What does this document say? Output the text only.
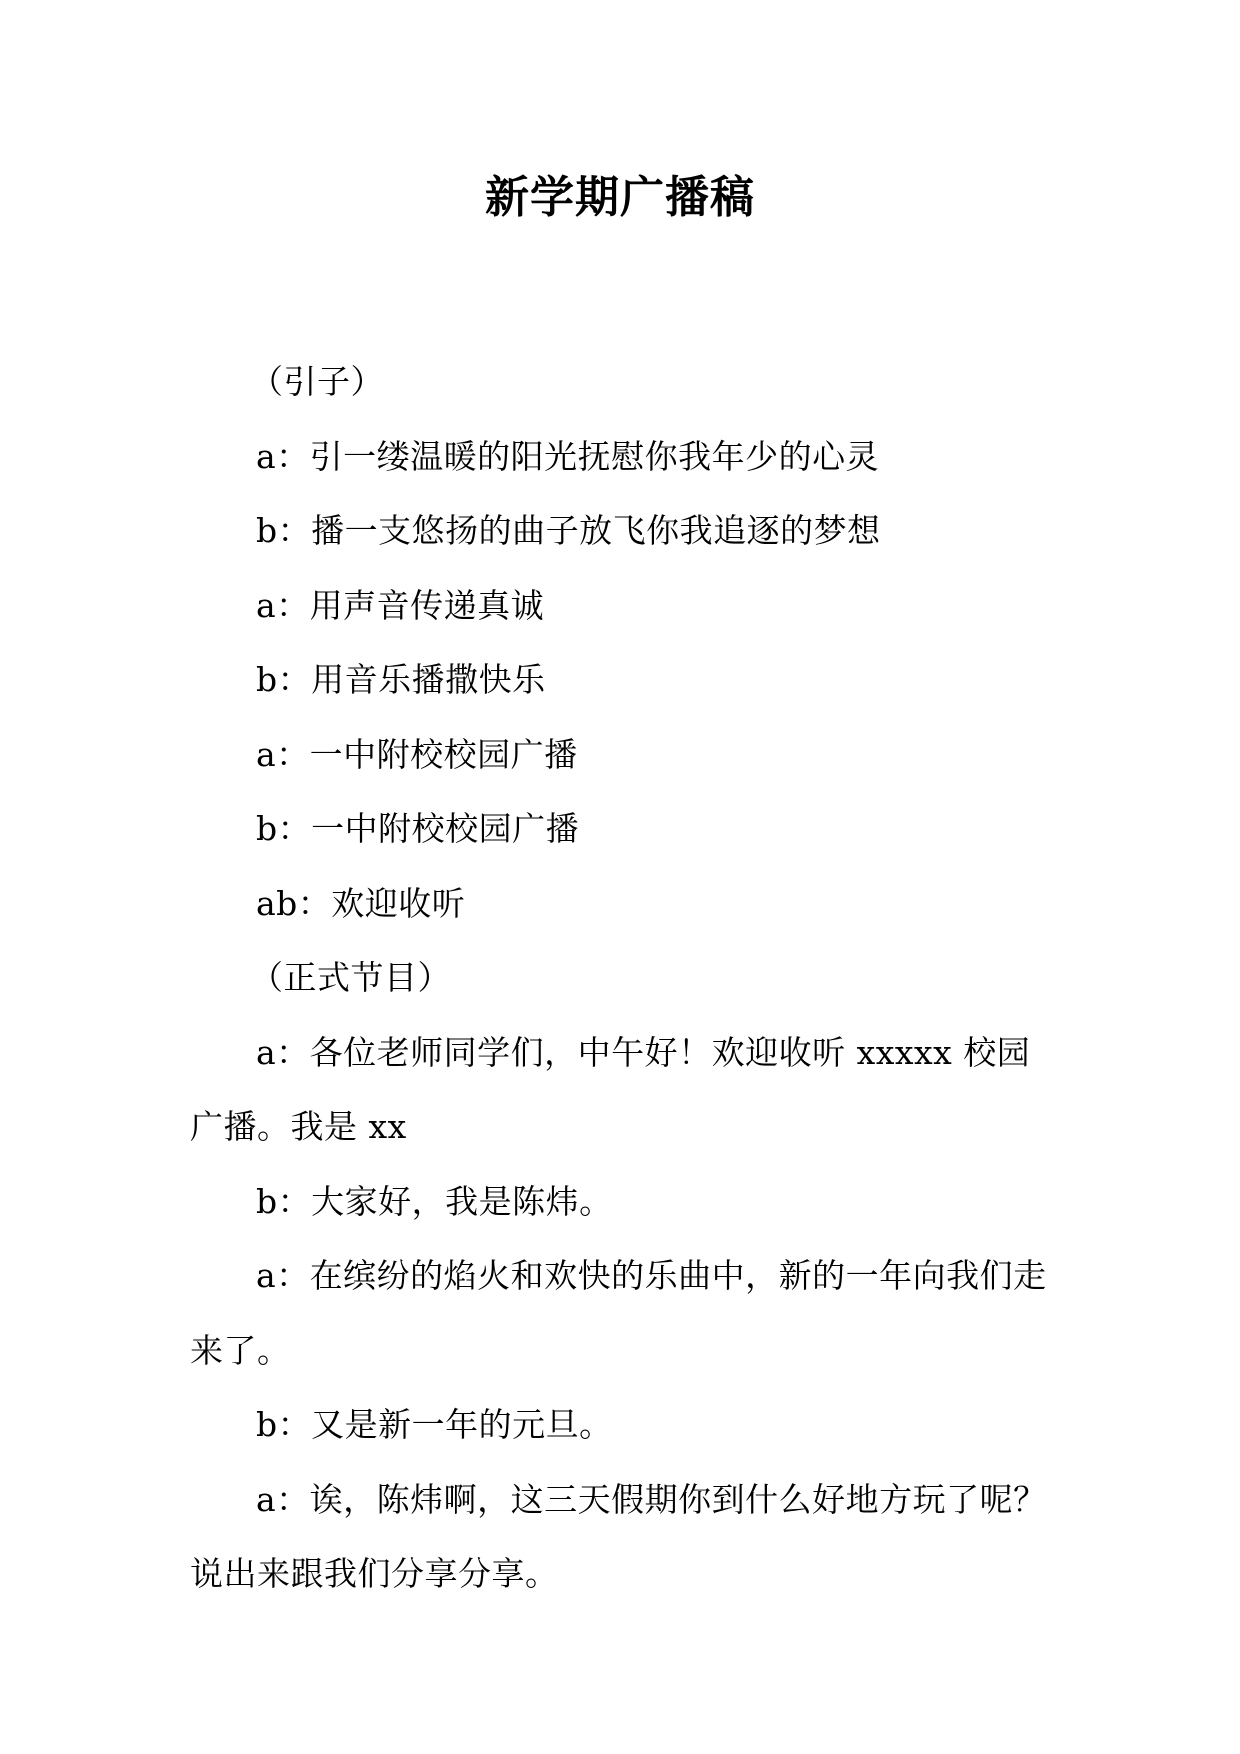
新学期广播稿

（引子）

a：引一缕温暖的阳光抚慰你我年少的心灵

b：播一支悠扬的曲子放飞你我追逐的梦想

a：用声音传递真诚

b：用音乐播撒快乐

a：一中附校校园广播

b：一中附校校园广播

ab：欢迎收听

（正式节目）

a：各位老师同学们，中午好！欢迎收听 xxxxx 校园广播。我是 xx

b：大家好，我是陈炜。

a：在缤纷的焰火和欢快的乐曲中，新的一年向我们走来了。

b：又是新一年的元旦。

a：诶，陈炜啊，这三天假期你到什么好地方玩了呢？说出来跟我们分享分享。
